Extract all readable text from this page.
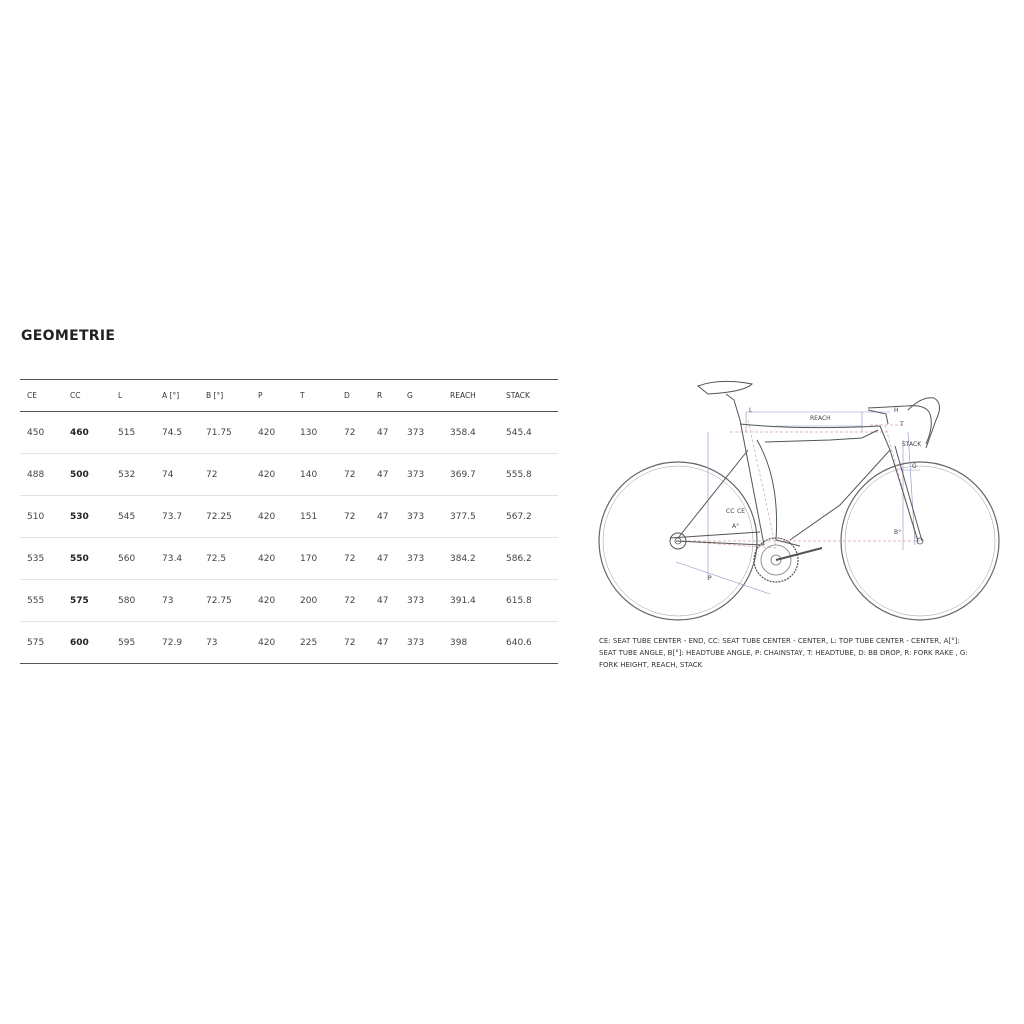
GEOMETRIE
CE	CC	L	A [°]	B [°]	P	T	D	R	G	REACH	STACK
450	460	515	74.5	71.75	420	130	72	47	373	358.4	545.4
488	500	532	74	72	420	140	72	47	373	369.7	555.8
510	530	545	73.7	72.25	420	151	72	47	373	377.5	567.2
535	550	560	73.4	72.5	420	170	72	47	373	384.2	586.2
555	575	580	73	72.75	420	200	72	47	373	391.4	615.8
575	600	595	72.9	73	420	225	72	47	373	398	640.6
REACH
STACK
L
T
H
G
CC CE
A°
B°
P
CE: SEAT TUBE CENTER - END, CC: SEAT TUBE CENTER - CENTER, L: TOP TUBE CENTER - CENTER, A[°]: SEAT TUBE ANGLE, B[°]: HEADTUBE ANGLE, P: CHAINSTAY, T: HEADTUBE, D: BB DROP, R: FORK RAKE , G: FORK HEIGHT, REACH, STACK
